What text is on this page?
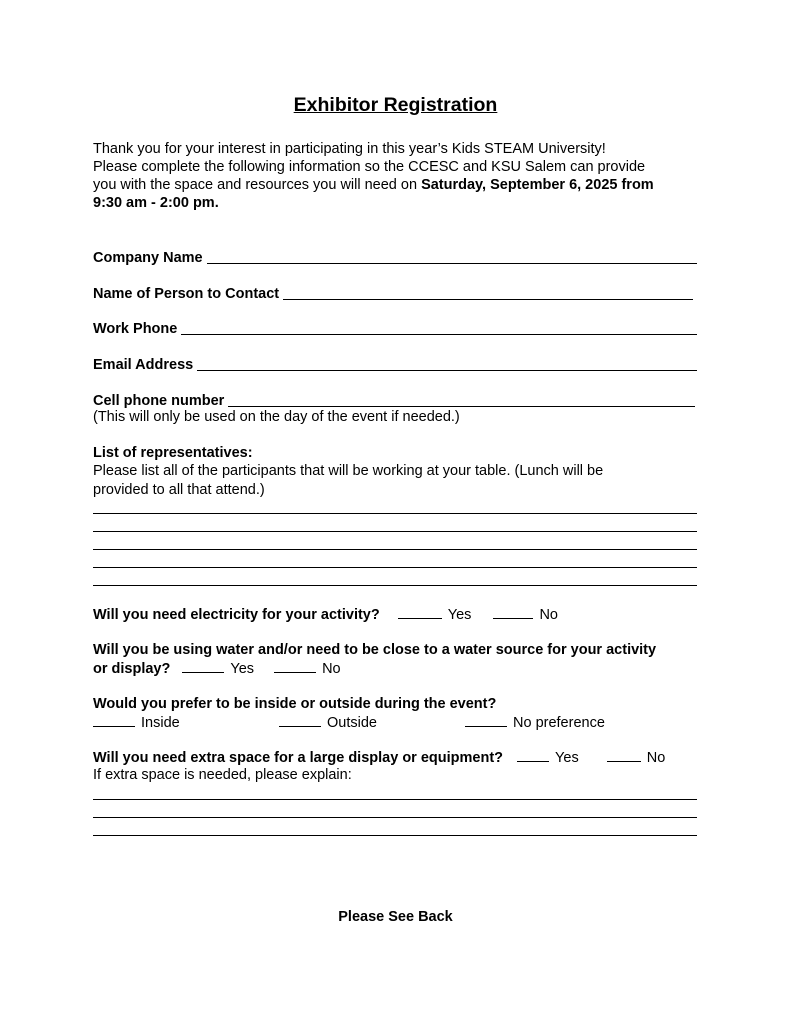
Exhibitor Registration
Thank you for your interest in participating in this year’s Kids STEAM University!
Please complete the following information so the CCESC and KSU Salem can provide
you with the space and resources you will need on Saturday, September 6, 2025 from
9:30 am - 2:00 pm.
Company Name
Name of Person to Contact
Work Phone
Email Address
Cell phone number
(This will only be used on the day of the event if needed.)
List of representatives:
Please list all of the participants that will be working at your table. (Lunch will be
provided to all that attend.)
Will you need electricity for your activity?	Yes	No
Will you be using water and/or need to be close to a water source for your activity
or display?	Yes	No
Would you prefer to be inside or outside during the event?
Inside	Outside	No preference
Will you need extra space for a large display or equipment?	Yes	No
If extra space is needed, please explain:
Please See Back
